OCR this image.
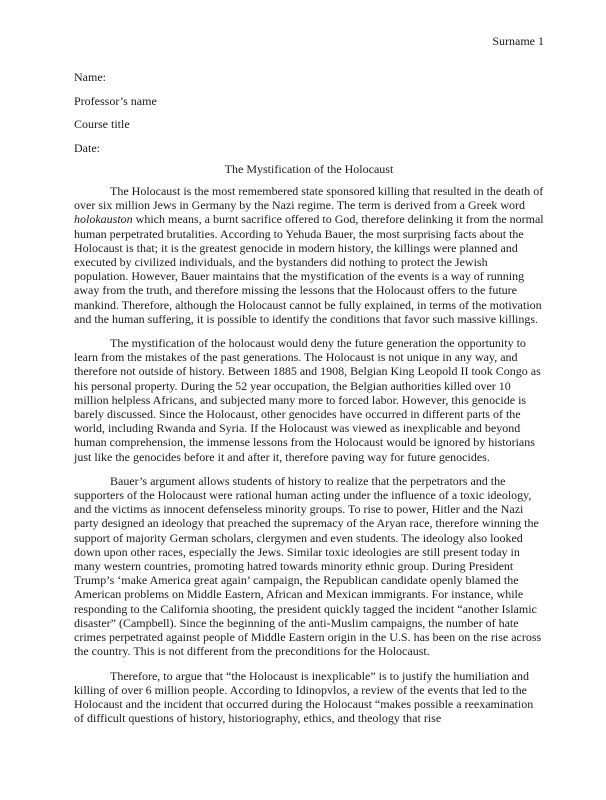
Surname 1
Name:
Professor’s name
Course title
Date:
The Mystification of the Holocaust

The Holocaust is the most remembered state sponsored killing that resulted in the death of over six million Jews in Germany by the Nazi regime. The term is derived from a Greek word holokauston which means, a burnt sacrifice offered to God, therefore delinking it from the normal human perpetrated brutalities. According to Yehuda Bauer, the most surprising facts about the Holocaust is that; it is the greatest genocide in modern history, the killings were planned and executed by civilized individuals, and the bystanders did nothing to protect the Jewish population. However, Bauer maintains that the mystification of the events is a way of running away from the truth, and therefore missing the lessons that the Holocaust offers to the future mankind. Therefore, although the Holocaust cannot be fully explained, in terms of the motivation and the human suffering, it is possible to identify the conditions that favor such massive killings.

The mystification of the holocaust would deny the future generation the opportunity to learn from the mistakes of the past generations. The Holocaust is not unique in any way, and therefore not outside of history. Between 1885 and 1908, Belgian King Leopold II took Congo as his personal property. During the 52 year occupation, the Belgian authorities killed over 10 million helpless Africans, and subjected many more to forced labor. However, this genocide is barely discussed. Since the Holocaust, other genocides have occurred in different parts of the world, including Rwanda and Syria. If the Holocaust was viewed as inexplicable and beyond human comprehension, the immense lessons from the Holocaust would be ignored by historians just like the genocides before it and after it, therefore paving way for future genocides.

Bauer’s argument allows students of history to realize that the perpetrators and the supporters of the Holocaust were rational human acting under the influence of a toxic ideology, and the victims as innocent defenseless minority groups. To rise to power, Hitler and the Nazi party designed an ideology that preached the supremacy of the Aryan race, therefore winning the support of majority German scholars, clergymen and even students. The ideology also looked down upon other races, especially the Jews. Similar toxic ideologies are still present today in many western countries, promoting hatred towards minority ethnic group. During President Trump’s ‘make America great again’ campaign, the Republican candidate openly blamed the American problems on Middle Eastern, African and Mexican immigrants. For instance, while responding to the California shooting, the president quickly tagged the incident “another Islamic disaster” (Campbell). Since the beginning of the anti-Muslim campaigns, the number of hate crimes perpetrated against people of Middle Eastern origin in the U.S. has been on the rise across the country. This is not different from the preconditions for the Holocaust.

Therefore, to argue that “the Holocaust is inexplicable” is to justify the humiliation and killing of over 6 million people. According to Idinopvlos, a review of the events that led to the Holocaust and the incident that occurred during the Holocaust “makes possible a reexamination of difficult questions of history, historiography, ethics, and theology that rise
